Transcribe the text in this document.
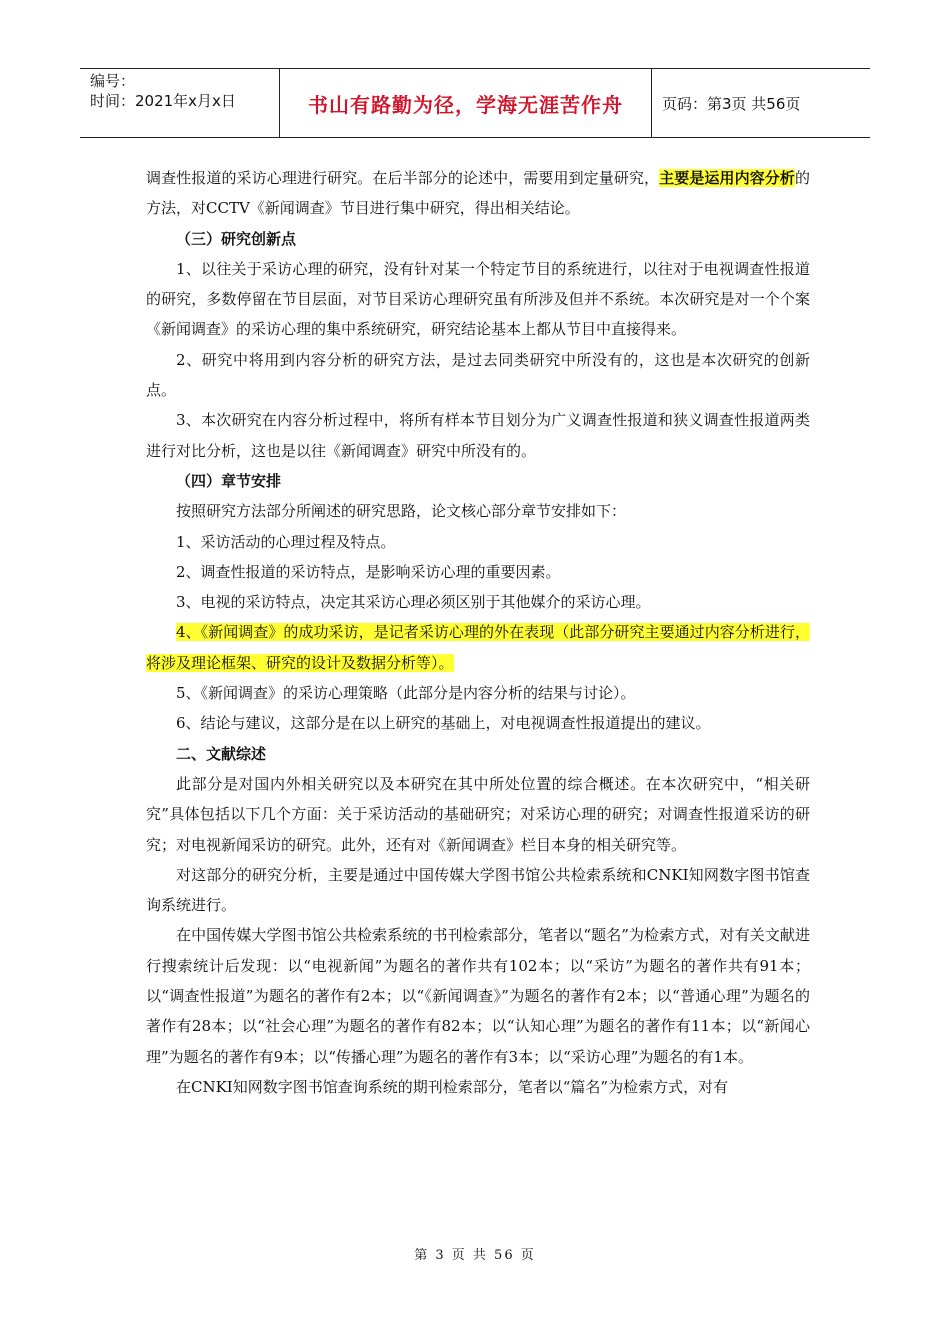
编号：
时间：2021年x月x日	书山有路勤为径，学海无涯苦作舟	页码：第3页 共56页

调查性报道的采访心理进行研究。在后半部分的论述中，需要用到定量研究，主要是运用内容分析的方法，对CCTV《新闻调查》节目进行集中研究，得出相关结论。

（三）研究创新点

1、以往关于采访心理的研究，没有针对某一个特定节目的系统进行，以往对于电视调查性报道的研究，多数停留在节目层面，对节目采访心理研究虽有所涉及但并不系统。本次研究是对一个个案《新闻调查》的采访心理的集中系统研究，研究结论基本上都从节目中直接得来。

2、研究中将用到内容分析的研究方法，是过去同类研究中所没有的，这也是本次研究的创新点。

3、本次研究在内容分析过程中，将所有样本节目划分为广义调查性报道和狭义调查性报道两类进行对比分析，这也是以往《新闻调查》研究中所没有的。

（四）章节安排

按照研究方法部分所阐述的研究思路，论文核心部分章节安排如下：

1、采访活动的心理过程及特点。

2、调查性报道的采访特点，是影响采访心理的重要因素。

3、电视的采访特点，决定其采访心理必须区别于其他媒介的采访心理。

4、《新闻调查》的成功采访，是记者采访心理的外在表现（此部分研究主要通过内容分析进行，将涉及理论框架、研究的设计及数据分析等）。

5、《新闻调查》的采访心理策略（此部分是内容分析的结果与讨论）。

6、结论与建议，这部分是在以上研究的基础上，对电视调查性报道提出的建议。

二、文献综述

此部分是对国内外相关研究以及本研究在其中所处位置的综合概述。在本次研究中，“相关研究”具体包括以下几个方面：关于采访活动的基础研究；对采访心理的研究；对调查性报道采访的研究；对电视新闻采访的研究。此外，还有对《新闻调查》栏目本身的相关研究等。

对这部分的研究分析，主要是通过中国传媒大学图书馆公共检索系统和CNKI知网数字图书馆查询系统进行。

在中国传媒大学图书馆公共检索系统的书刊检索部分，笔者以“题名”为检索方式，对有关文献进行搜索统计后发现：以“电视新闻”为题名的著作共有102本；以“采访”为题名的著作共有91本；以“调查性报道”为题名的著作有2本；以“《新闻调查》”为题名的著作有2本；以“普通心理”为题名的著作有28本；以“社会心理”为题名的著作有82本；以“认知心理”为题名的著作有11本；以“新闻心理”为题名的著作有9本；以“传播心理”为题名的著作有3本；以“采访心理”为题名的有1本。

在CNKI知网数字图书馆查询系统的期刊检索部分，笔者以“篇名”为检索方式，对有

第 3 页 共 56 页
